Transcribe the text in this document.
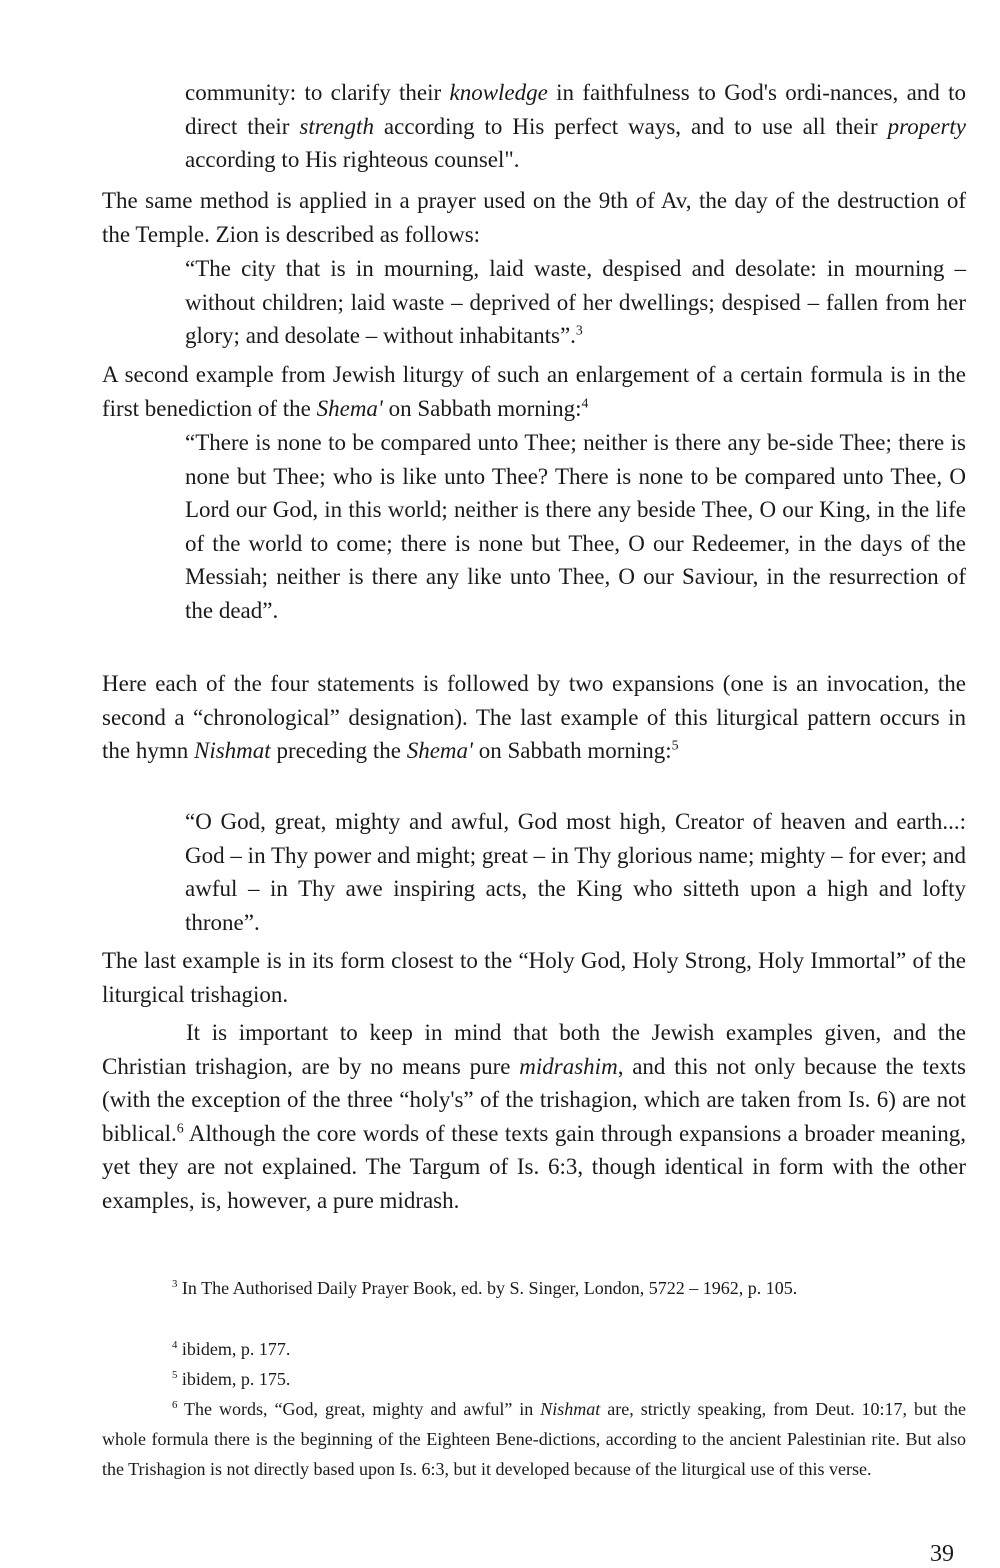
community: to clarify their knowledge in faithfulness to God's ordi-nances, and to direct their strength according to His perfect ways, and to use all their property according to His righteous counsel".

The same method is applied in a prayer used on the 9th of Av, the day of the destruction of the Temple. Zion is described as follows:

“The city that is in mourning, laid waste, despised and desolate: in mourning – without children; laid waste – deprived of her dwellings; despised – fallen from her glory; and desolate – without inhabitants”.$^3$

A second example from Jewish liturgy of such an enlargement of a certain formula is in the first benediction of the Shema' on Sabbath morning:$^4$

“There is none to be compared unto Thee; neither is there any be-side Thee; there is none but Thee; who is like unto Thee? There is none to be compared unto Thee, O Lord our God, in this world; neither is there any beside Thee, O our King, in the life of the world to come; there is none but Thee, O our Redeemer, in the days of the Messiah; neither is there any like unto Thee, O our Saviour, in the resurrection of the dead”.

Here each of the four statements is followed by two expansions (one is an invocation, the second a “chronological” designation). The last example of this liturgical pattern occurs in the hymn Nishmat preceding the Shema' on Sabbath morning:$^5$

“O God, great, mighty and awful, God most high, Creator of heaven and earth...: God – in Thy power and might; great – in Thy glorious name; mighty – for ever; and awful – in Thy awe inspiring acts, the King who sitteth upon a high and lofty throne”.

The last example is in its form closest to the “Holy God, Holy Strong, Holy Immortal” of the liturgical trishagion.

It is important to keep in mind that both the Jewish examples given, and the Christian trishagion, are by no means pure midrashim, and this not only because the texts (with the exception of the three “holy's” of the trishagion, which are taken from Is. 6) are not biblical.$^6$ Although the core words of these texts gain through expansions a broader meaning, yet they are not explained. The Targum of Is. 6:3, though identical in form with the other examples, is, however, a pure midrash.

$^3$ In The Authorised Daily Prayer Book, ed. by S. Singer, London, 5722 – 1962, p. 105.

$^4$ ibidem, p. 177.

$^5$ ibidem, p. 175.

$^6$ The words, “God, great, mighty and awful” in Nishmat are, strictly speaking, from Deut. 10:17, but the whole formula there is the beginning of the Eighteen Bene-dictions, according to the ancient Palestinian rite. But also the Trishagion is not directly based upon Is. 6:3, but it developed because of the liturgical use of this verse.

39
